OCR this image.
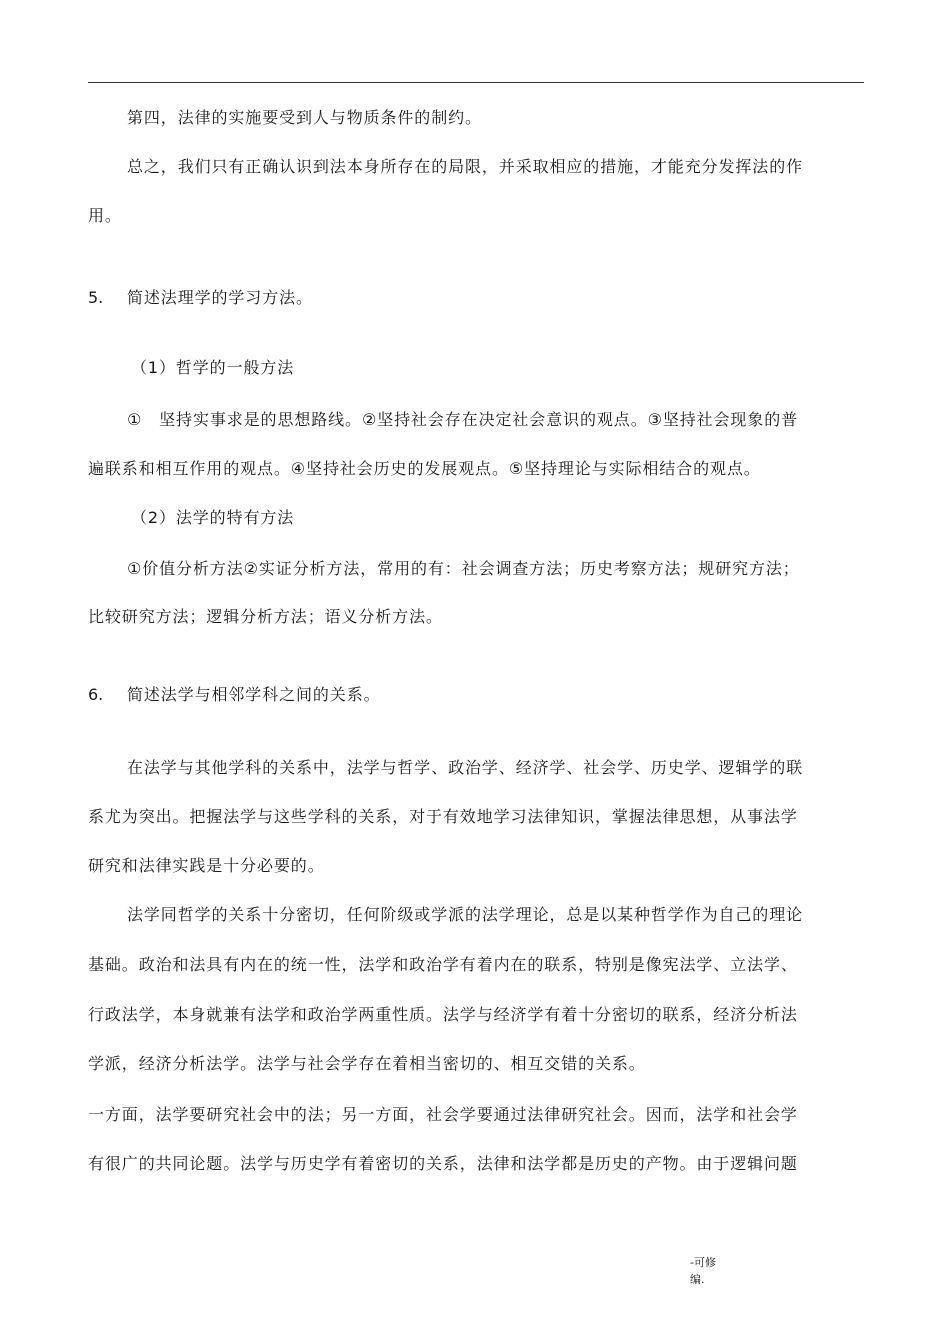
第四，法律的实施要受到人与物质条件的制约。

总之，我们只有正确认识到法本身所存在的局限，并采取相应的措施，才能充分发挥法的作

用。

5. 简述法理学的学习方法。

（1）哲学的一般方法

①　坚持实事求是的思想路线。②坚持社会存在决定社会意识的观点。③坚持社会现象的普

遍联系和相互作用的观点。④坚持社会历史的发展观点。⑤坚持理论与实际相结合的观点。

（2）法学的特有方法

①价值分析方法②实证分析方法，常用的有：社会调查方法；历史考察方法；规研究方法；

比较研究方法；逻辑分析方法；语义分析方法。

6. 简述法学与相邻学科之间的关系。

在法学与其他学科的关系中，法学与哲学、政治学、经济学、社会学、历史学、逻辑学的联

系尤为突出。把握法学与这些学科的关系，对于有效地学习法律知识，掌握法律思想，从事法学

研究和法律实践是十分必要的。

法学同哲学的关系十分密切，任何阶级或学派的法学理论，总是以某种哲学作为自己的理论

基础。政治和法具有内在的统一性，法学和政治学有着内在的联系，特别是像宪法学、立法学、

行政法学，本身就兼有法学和政治学两重性质。法学与经济学有着十分密切的联系，经济分析法

学派，经济分析法学。法学与社会学存在着相当密切的、相互交错的关系。

一方面，法学要研究社会中的法；另一方面，社会学要通过法律研究社会。因而，法学和社会学

有很广的共同论题。法学与历史学有着密切的关系，法律和法学都是历史的产物。由于逻辑问题

-可修
编.
